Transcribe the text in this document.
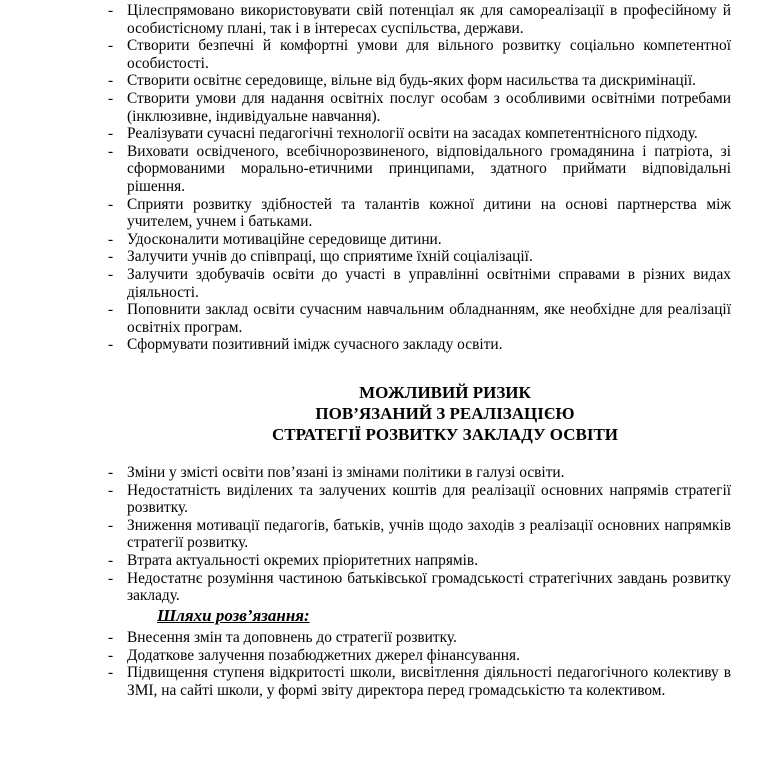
- Цілеспрямовано використовувати свій потенціал як для самореалізації в професійному й особистісному плані, так і в інтересах суспільства, держави.
- Створити безпечні й комфортні умови для вільного розвитку соціально компетентної особистості.
- Створити освітнє середовище, вільне від будь-яких форм насильства та дискримінації.
- Створити умови для надання освітніх послуг особам з особливими освітніми потребами (інклюзивне, індивідуальне навчання).
- Реалізувати сучасні педагогічні технології освіти на засадах компетентнісного підходу.
- Виховати освідченого, всебічнорозвиненого, відповідального громадянина і патріота, зі сформованими морально-етичними принципами, здатного приймати відповідальні рішення.
- Сприяти розвитку здібностей та талантів кожної дитини на основі партнерства між учителем, учнем і батьками.
- Удосконалити мотиваційне середовище дитини.
- Залучити учнів до співпраці, що сприятиме їхній соціалізації.
- Залучити здобувачів освіти до участі в управлінні освітніми справами в різних видах діяльності.
- Поповнити заклад освіти сучасним навчальним обладнанням, яке необхідне для реалізації освітніх програм.
- Сформувати позитивний імідж сучасного закладу освіти.
МОЖЛИВИЙ РИЗИК
ПОВ’ЯЗАНИЙ З РЕАЛІЗАЦІЄЮ
СТРАТЕГІЇ РОЗВИТКУ ЗАКЛАДУ ОСВІТИ
- Зміни у змісті освіти пов’язані із змінами політики в галузі освіти.
- Недостатність виділених та залучених коштів для реалізації основних напрямів стратегії розвитку.
- Зниження мотивації педагогів, батьків, учнів щодо заходів з реалізації основних напрямків стратегії розвитку.
- Втрата актуальності окремих пріоритетних напрямів.
- Недостатнє розуміння частиною батьківської громадськості стратегічних завдань розвитку закладу.
Шляхи розв’язання:
- Внесення змін та доповнень до стратегії розвитку.
- Додаткове залучення позабюджетних джерел фінансування.
- Підвищення ступеня відкритості школи, висвітлення діяльності педагогічного колективу в ЗМІ, на сайті школи, у формі звіту директора перед громадськістю та колективом.
